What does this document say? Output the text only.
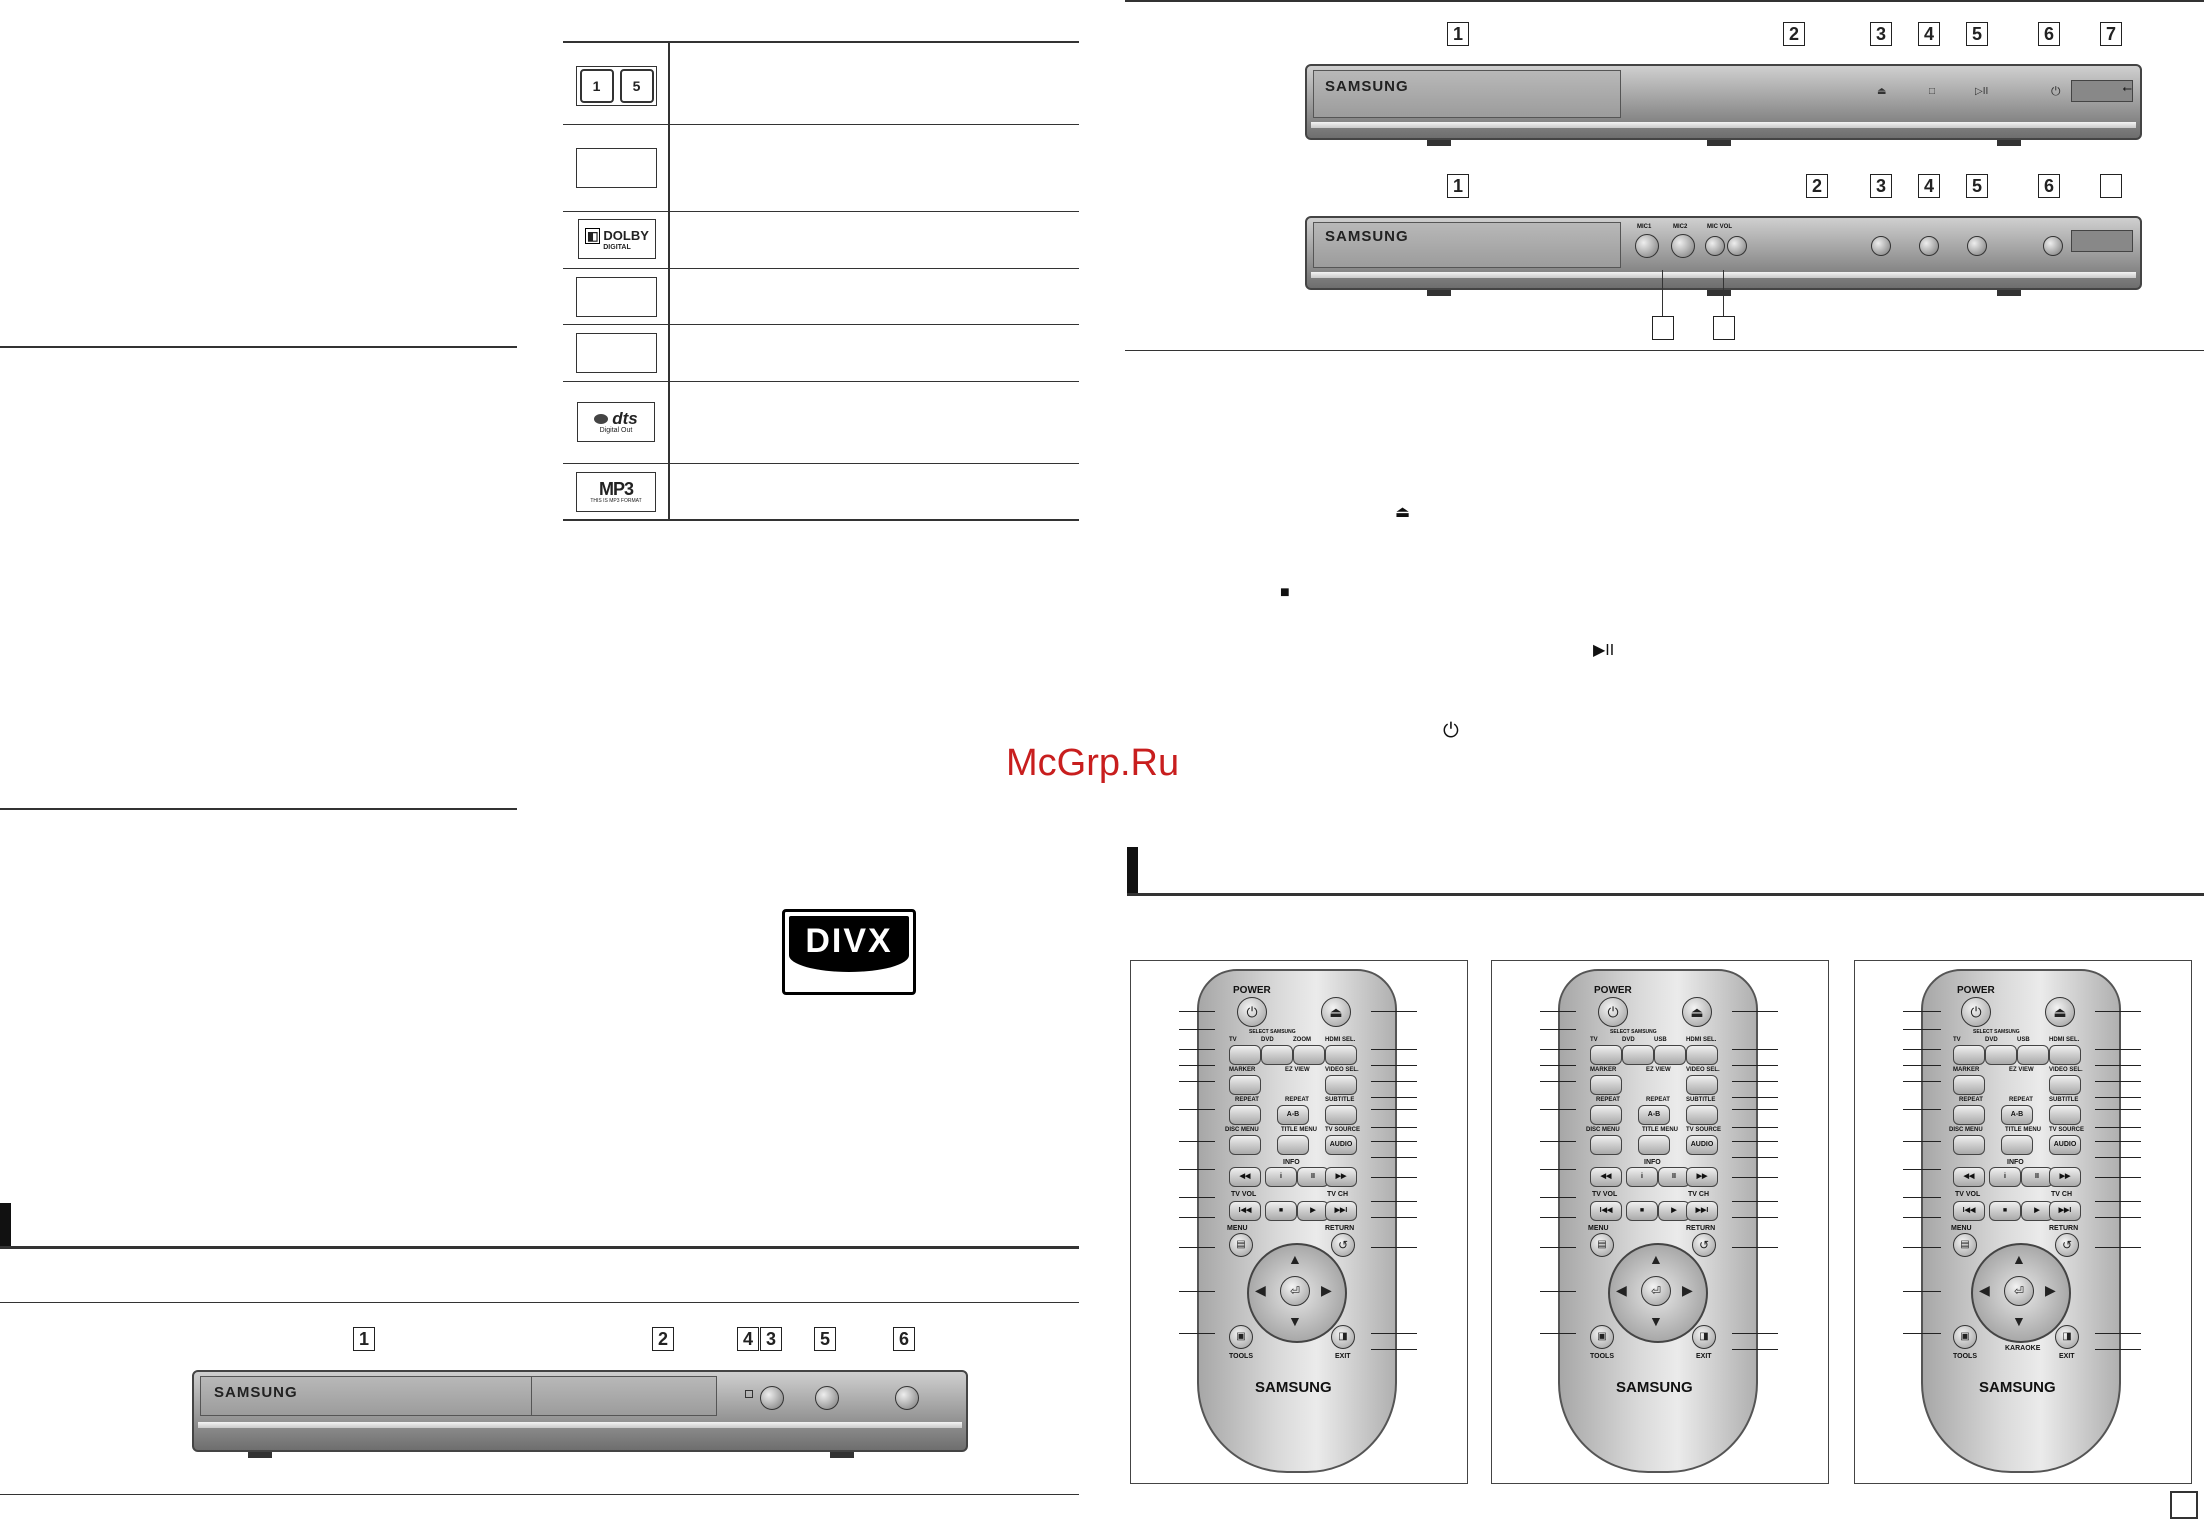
1	5
◧ DOLBY
DIGITAL
dts
Digital Out
MP3
THIS IS MP3 FORMAT
DIVX
SAMSUNG
1	2	4 3	5	6
SAMSUNG	⏏	□	▷II	⏻	⭠
1	2	3	4	5	6	7
SAMSUNG
MIC1	MIC2	MIC VOL
1	2	3	4	5	6
⏏
■
▶II
⏻
McGrp.Ru
POWER
⏻	⏏
SELECT SAMSUNG
TV	DVD	ZOOM HDMI SEL.
MARKER	EZ VIEW	VIDEO SEL.
REPEAT	REPEAT	SUBTITLE
A-B
DISC MENU	TITLE MENU TV SOURCE
AUDIO
INFO
◀◀	i	II	▶▶
TV VOL	TV CH
I◀◀	■	▶	▶▶I
MENU	RETURN
▤	↺
▲
▼
◀	▶
⏎
▣	◨
TOOLS	EXIT
SAMSUNG
POWER
⏻	⏏
SELECT SAMSUNG
TV	DVD	USB	HDMI SEL.
MARKER	EZ VIEW	VIDEO SEL.
REPEAT	REPEAT	SUBTITLE
A-B
DISC MENU	TITLE MENU TV SOURCE
AUDIO
INFO
◀◀	i	II	▶▶
TV VOL	TV CH
I◀◀	■	▶	▶▶I
MENU	RETURN
▤	↺
▲
▼
◀	▶
⏎
▣	◨
TOOLS	EXIT
SAMSUNG
POWER
⏻	⏏
SELECT SAMSUNG
TV	DVD	USB	HDMI SEL.
MARKER	EZ VIEW	VIDEO SEL.
REPEAT	REPEAT	SUBTITLE
A-B
DISC MENU	TITLE MENU TV SOURCE
AUDIO
INFO
◀◀	i	II	▶▶
TV VOL	TV CH
I◀◀	■	▶	▶▶I
MENU	RETURN
▤	↺
▲
▼
◀	▶
⏎
▣	◨
TOOLS	EXIT
KARAOKE
SAMSUNG
